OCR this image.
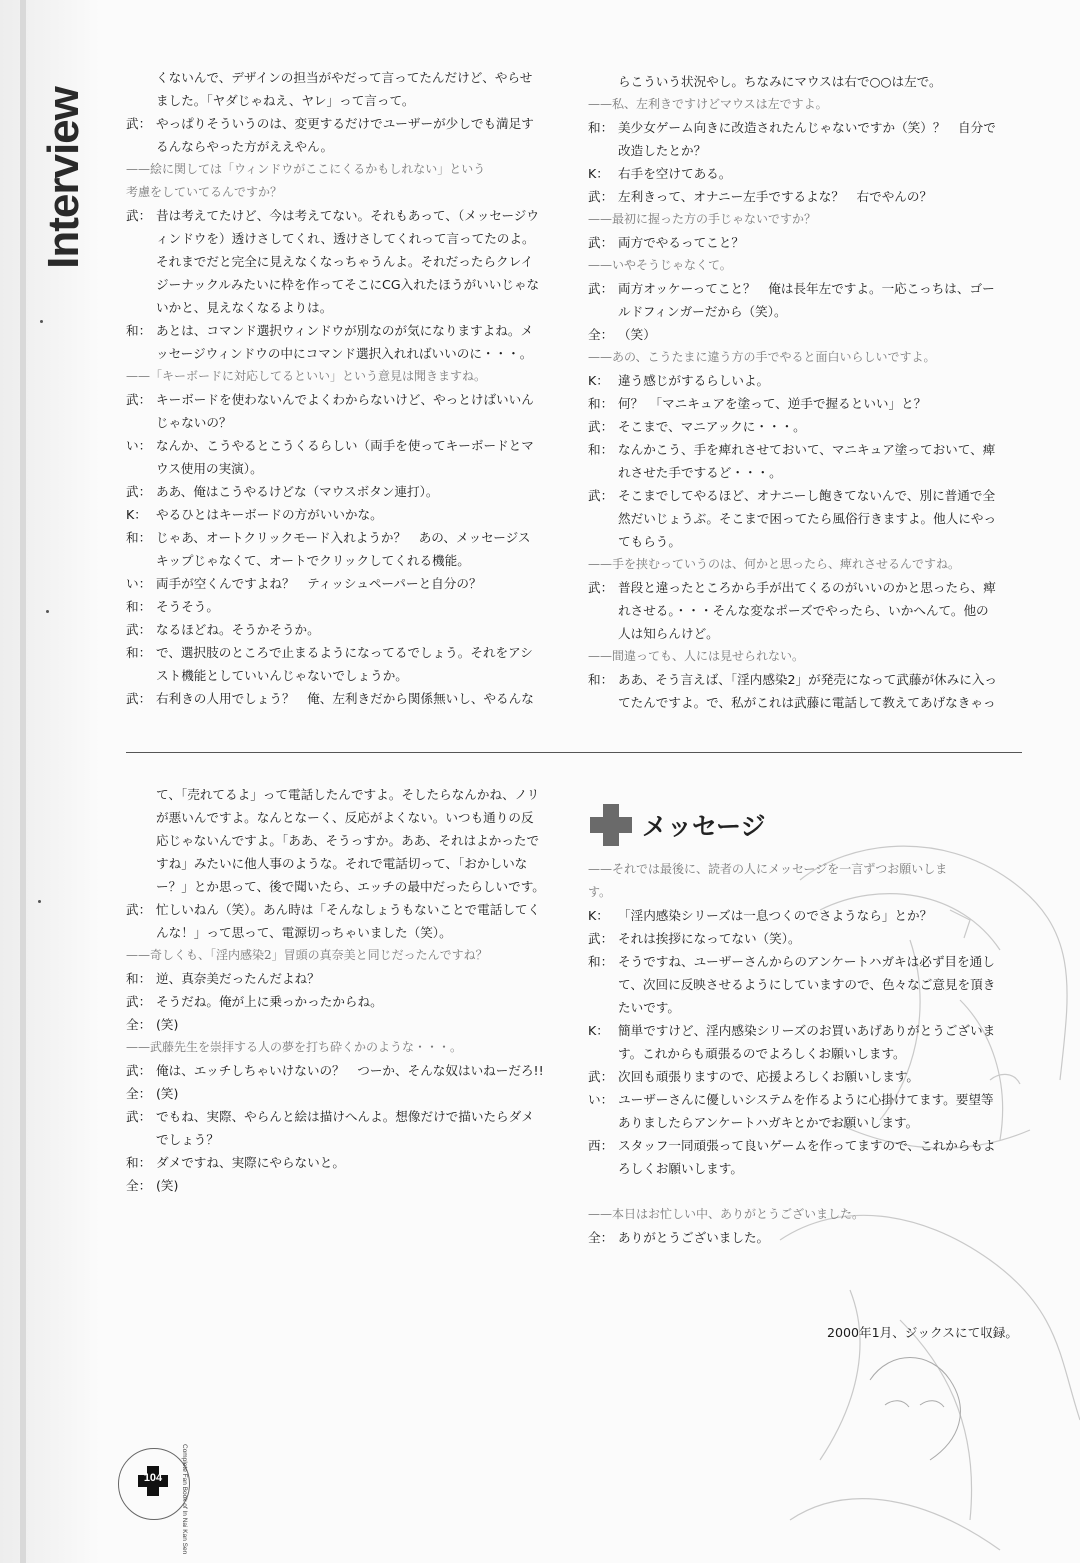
Interview
くないんで、デザインの担当がやだって言ってたんだけど、やらせ
ました。「ヤダじゃねえ、ヤレ」って言って。
武： やっぱりそういうのは、変更するだけでユーザーが少しでも満足す
るんならやった方がええやん。
——絵に関しては「ウィンドウがここにくるかもしれない」という
考慮をしていてるんですか？
武： 昔は考えてたけど、今は考えてない。それもあって、（メッセージウ
ィンドウを）透けさしてくれ、透けさしてくれって言ってたのよ。
それまでだと完全に見えなくなっちゃうんよ。それだったらクレイ
ジーナックルみたいに枠を作ってそこにCG入れたほうがいいじゃな
いかと、見えなくなるよりは。
和： あとは、コマンド選択ウィンドウが別なのが気になりますよね。メ
ッセージウィンドウの中にコマンド選択入れればいいのに・・・。
——「キーボードに対応してるといい」という意見は聞きますね。
武： キーボードを使わないんでよくわからないけど、やっとけばいいん
じゃないの？
い： なんか、こうやるとこうくるらしい（両手を使ってキーボードとマ
ウス使用の実演）。
武： ああ、俺はこうやるけどな（マウスボタン連打）。
K： やるひとはキーボードの方がいいかな。
和： じゃあ、オートクリックモード入れようか？　あの、メッセージス
キップじゃなくて、オートでクリックしてくれる機能。
い： 両手が空くんですよね？　ティッシュペーパーと自分の？
和： そうそう。
武： なるほどね。そうかそうか。
和： で、選択肢のところで止まるようになってるでしょう。それをアシ
スト機能としていいんじゃないでしょうか。
武： 右利きの人用でしょう？　俺、左利きだから関係無いし、やるんな
らこういう状況やし。ちなみにマウスは右で○○は左で。
——私、左利きですけどマウスは左ですよ。
和： 美少女ゲーム向きに改造されたんじゃないですか（笑）？　自分で
改造したとか？
K： 右手を空けてある。
武： 左利きって、オナニー左手でするよな？　右でやんの？
——最初に握った方の手じゃないですか？
武： 両方でやるってこと？
——いやそうじゃなくて。
武： 両方オッケーってこと？　俺は長年左ですよ。一応こっちは、ゴー
ルドフィンガーだから（笑）。
全： （笑）
——あの、こうたまに違う方の手でやると面白いらしいですよ。
K： 違う感じがするらしいよ。
和： 何？　「マニキュアを塗って、逆手で握るといい」と？
武： そこまで、マニアックに・・・。
和： なんかこう、手を痺れさせておいて、マニキュア塗っておいて、痺
れさせた手でするど・・・。
武： そこまでしてやるほど、オナニーし飽きてないんで、別に普通で全
然だいじょうぶ。そこまで困ってたら風俗行きますよ。他人にやっ
てもらう。
——手を挟むっていうのは、何かと思ったら、痺れさせるんですね。
武： 普段と違ったところから手が出てくるのがいいのかと思ったら、痺
れさせる。・・・そんな変なポーズでやったら、いかへんて。他の
人は知らんけど。
——間違っても、人には見せられない。
和： ああ、そう言えば、「淫内感染2」が発売になって武藤が休みに入っ
てたんですよ。で、私がこれは武藤に電話して教えてあげなきゃっ
て、「売れてるよ」って電話したんですよ。そしたらなんかね、ノリ
が悪いんですよ。なんとなーく、反応がよくない。いつも通りの反
応じゃないんですよ。「ああ、そうっすか。ああ、それはよかったで
すね」みたいに他人事のような。それで電話切って、「おかしいな
ー？」とか思って、後で聞いたら、エッチの最中だったらしいです。
武： 忙しいねん（笑）。あん時は「そんなしょうもないことで電話してく
んな！」って思って、電源切っちゃいました（笑）。
——奇しくも、「淫内感染2」冒頭の真奈美と同じだったんですね？
和： 逆、真奈美だったんだよね？
武： そうだね。俺が上に乗っかったからね。
全： (笑)
——武藤先生を崇拝する人の夢を打ち砕くかのような・・・。
武： 俺は、エッチしちゃいけないの？　つーか、そんな奴はいねーだろ!!
全： (笑)
武： でもね、実際、やらんと絵は描けへんよ。想像だけで描いたらダメ
でしょう？
和： ダメですね、実際にやらないと。
全： (笑)
メッセージ
——それでは最後に、読者の人にメッセージを一言ずつお願いしま
す。
K： 「淫内感染シリーズは一息つくのでさようなら」とか？
武： それは挨拶になってない（笑）。
和： そうですね、ユーザーさんからのアンケートハガキは必ず目を通し
て、次回に反映させるようにしていますので、色々なご意見を頂き
たいです。
K： 簡単ですけど、淫内感染シリーズのお買いあげありがとうございま
す。これからも頑張るのでよろしくお願いします。
武： 次回も頑張りますので、応援よろしくお願いします。
い： ユーザーさんに優しいシステムを作るように心掛けてます。要望等
ありましたらアンケートハガキとかでお願いします。
西： スタッフ一同頑張って良いゲームを作ってますので、これからもよ
ろしくお願いします。

——本日はお忙しい中、ありがとうございました。
全： ありがとうございました。
2000年1月、ジックスにて収録。
104	Complete Fan Book of In Nai Kan Sen
